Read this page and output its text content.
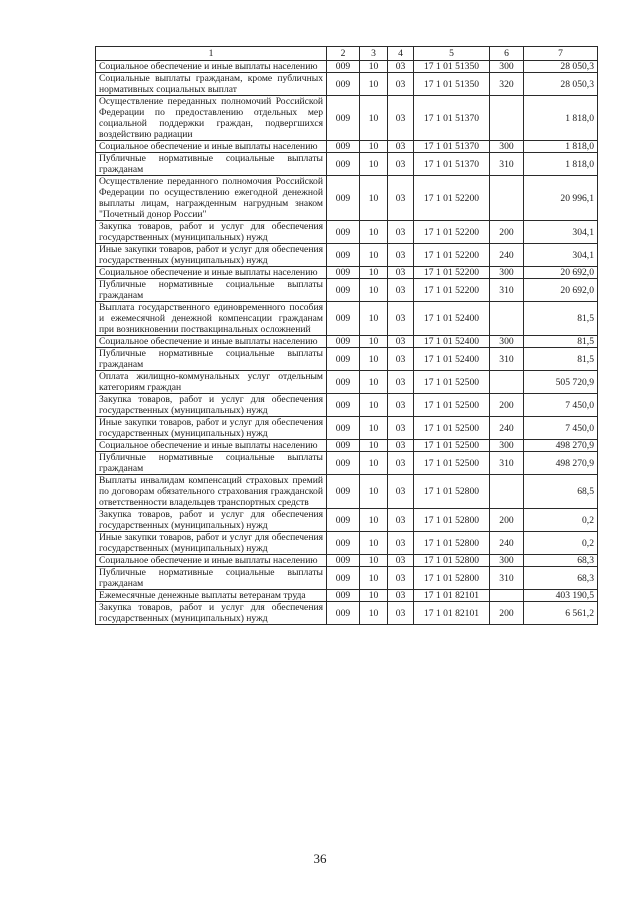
1	2	3	4	5	6	7
Социальное обеспечение и иные выплаты населению	009	10	03	17 1 01 51350	300	28 050,3
Социальные выплаты гражданам, кроме публичных нормативных социальных выплат	009	10	03	17 1 01 51350	320	28 050,3
Осуществление переданных полномочий Российской Федерации по предоставлению отдельных мер социальной поддержки граждан, подвергшихся воздействию радиации	009	10	03	17 1 01 51370		1 818,0
Социальное обеспечение и иные выплаты населению	009	10	03	17 1 01 51370	300	1 818,0
Публичные нормативные социальные выплаты гражданам	009	10	03	17 1 01 51370	310	1 818,0
Осуществление переданного полномочия Российской Федерации по осуществлению ежегодной денежной выплаты лицам, награжденным нагрудным знаком "Почетный донор России"	009	10	03	17 1 01 52200		20 996,1
Закупка товаров, работ и услуг для обеспечения государственных (муниципальных) нужд	009	10	03	17 1 01 52200	200	304,1
Иные закупки товаров, работ и услуг для обеспечения государственных (муниципальных) нужд	009	10	03	17 1 01 52200	240	304,1
Социальное обеспечение и иные выплаты населению	009	10	03	17 1 01 52200	300	20 692,0
Публичные нормативные социальные выплаты гражданам	009	10	03	17 1 01 52200	310	20 692,0
Выплата государственного единовременного пособия и ежемесячной денежной компенсации гражданам при возникновении поствакцинальных осложнений	009	10	03	17 1 01 52400		81,5
Социальное обеспечение и иные выплаты населению	009	10	03	17 1 01 52400	300	81,5
Публичные нормативные социальные выплаты гражданам	009	10	03	17 1 01 52400	310	81,5
Оплата жилищно-коммунальных услуг отдельным категориям граждан	009	10	03	17 1 01 52500		505 720,9
Закупка товаров, работ и услуг для обеспечения государственных (муниципальных) нужд	009	10	03	17 1 01 52500	200	7 450,0
Иные закупки товаров, работ и услуг для обеспечения государственных (муниципальных) нужд	009	10	03	17 1 01 52500	240	7 450,0
Социальное обеспечение и иные выплаты населению	009	10	03	17 1 01 52500	300	498 270,9
Публичные нормативные социальные выплаты гражданам	009	10	03	17 1 01 52500	310	498 270,9
Выплаты инвалидам компенсаций страховых премий по договорам обязательного страхования гражданской ответственности владельцев транспортных средств	009	10	03	17 1 01 52800		68,5
Закупка товаров, работ и услуг для обеспечения государственных (муниципальных) нужд	009	10	03	17 1 01 52800	200	0,2
Иные закупки товаров, работ и услуг для обеспечения государственных (муниципальных) нужд	009	10	03	17 1 01 52800	240	0,2
Социальное обеспечение и иные выплаты населению	009	10	03	17 1 01 52800	300	68,3
Публичные нормативные социальные выплаты гражданам	009	10	03	17 1 01 52800	310	68,3
Ежемесячные денежные выплаты ветеранам труда	009	10	03	17 1 01 82101		403 190,5
Закупка товаров, работ и услуг для обеспечения государственных (муниципальных) нужд	009	10	03	17 1 01 82101	200	6 561,2
36
